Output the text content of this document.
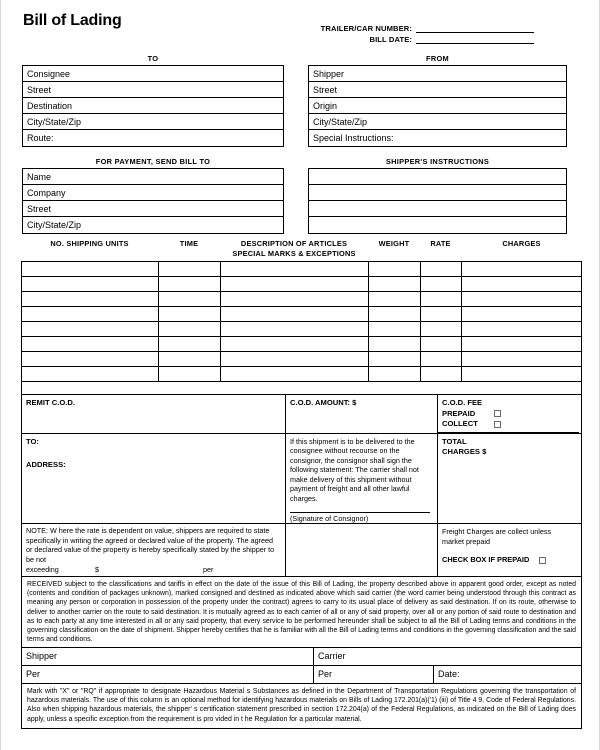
Bill of Lading	TRAILER/CAR NUMBER:
BILL DATE:
TO
Consignee
Street
Destination
City/State/Zip
Route:
FROM
Shipper
Street
Origin
City/State/Zip
Special Instructions:
FOR PAYMENT, SEND BILL TO
Name
Company
Street
City/State/Zip
SHIPPER'S INSTRUCTIONS
NO. SHIPPING UNITS	TIME	DESCRIPTION OF ARTICLES
SPECIAL MARKS & EXCEPTIONS
WEIGHT	RATE	CHARGES
REMIT C.O.D.	C.O.D. AMOUNT: $	C.O.D. FEE
PREPAID
COLLECT
TO:
ADDRESS:
If this shipment is to be delivered to the consignee without recourse on the consignor, the consignor shall sign the following statement: The carrier shall not make delivery of this shipment without payment of freight and all other lawful charges.
(Signature of Consignor)
TOTAL
CHARGES $
NOTE: W here the rate is dependent on value, shippers are required to state specifically in writing the agreed or declared value of the property. The agreed or declared value of the property is hereby specifically stated by the shipper to be not
exceeding	$	per
Freight Charges are collect unless market prepaid
CHECK BOX IF PREPAID
RECEIVED subject to the classifications and tariffs in effect on the date of the issue of this Bill of Lading, the property described above in apparent good order, except as noted (contents and condition of packages unknown), marked consigned and destined as indicated above which said carrier (the word carrier being understood through this contract as meaning any person or corporation in possession of the property under the contract) agrees to carry to its usual place of delivery as said destination. If on its route, otherwise to deliver to another carrier on the route to said destination. It is mutually agreed as to each carrier of all or any of said property, over all or any portion of said route to destination and as to each party at any time interested in all or any said property, that every service to be performed hereunder shall be subject to all the Bill of Lading terms and conditions in the governing classification on the date of shipment. Shipper hereby certifies that he is familiar with all the Bill of Lading terms and conditions in the governing classification and the said terms and conditions.
Shipper	Carrier
Per	Per	Date:
Mark with "X" or "RQ" if appropriate to designate Hazardous Material s Substances as defined in the Department of Transportation Regulations governing the transportation of hazardous materials. The use of this column is an optional method for identifying hazardous materials on Bills of Lading 172.201(a)('1) (iii) of Title 4 9. Code of Federal Regulations. Also when shipping hazardous materials, the shipper' s certification statement prescribed in section 172.204(a) of the Federal Regulations, as indicated on the Bill of Lading does apply, unless a specific exception from the requirement is pro vided in t he Regulation for a particular material.
